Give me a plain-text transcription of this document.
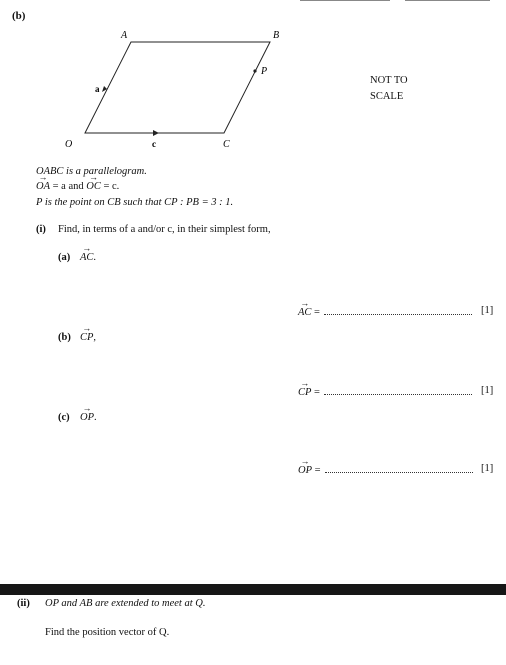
(b)
A	B
P
O	C
a
c
NOT TO
SCALE
OABC is a parallelogram.
→ OA = a and → OC = c.
P is the point on CB such that CP : PB = 3 : 1.
(i) Find, in terms of a and/or c, in their simplest form,
(a) → AC.
→ AC =	[1]
(b) → CP,
→ CP =	[1]
(c) → OP.
→ OP =	[1]
(ii) OP and AB are extended to meet at Q.
Find the position vector of Q.
